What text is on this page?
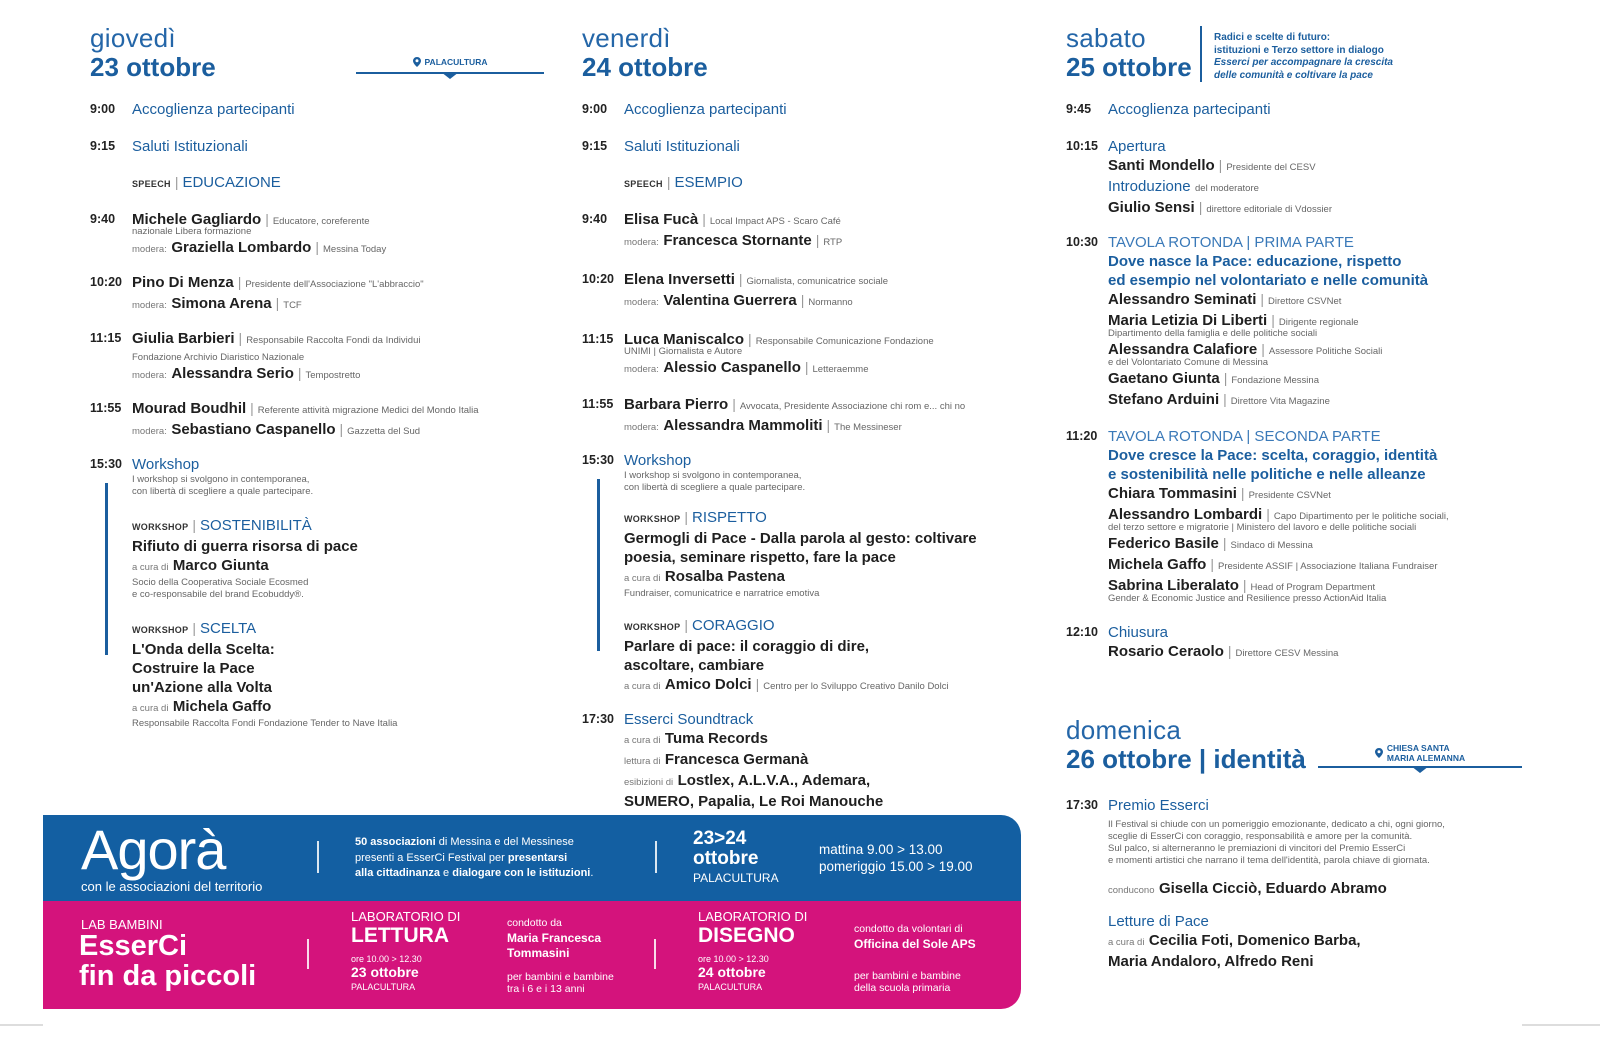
giovedì
23 ottobre	PALACULTURA
9:00 Accoglienza partecipanti
9:15 Saluti Istituzionali
SPEECH | EDUCAZIONE
9:40 Michele Gagliardo | Educatore, coreferente
nazionale Libera formazione
modera: Graziella Lombardo | Messina Today
10:20 Pino Di Menza | Presidente dell'Associazione "L'abbraccio"
modera: Simona Arena | TCF
11:15 Giulia Barbieri | Responsabile Raccolta Fondi da Individui
Fondazione Archivio Diaristico Nazionale
modera: Alessandra Serio | Tempostretto
11:55 Mourad Boudhil | Referente attività migrazione Medici del Mondo Italia
modera: Sebastiano Caspanello | Gazzetta del Sud
15:30 Workshop
I workshop si svolgono in contemporanea,
con libertà di scegliere a quale partecipare.
WORKSHOP | SOSTENIBILITÀ
Rifiuto di guerra risorsa di pace
a cura di Marco Giunta
Socio della Cooperativa Sociale Ecosmed
e co-responsabile del brand Ecobuddy®.
WORKSHOP | SCELTA
L'Onda della Scelta:
Costruire la Pace
un'Azione alla Volta
a cura di Michela Gaffo
Responsabile Raccolta Fondi Fondazione Tender to Nave Italia
venerdì
24 ottobre
9:00 Accoglienza partecipanti
9:15 Saluti Istituzionali
SPEECH | ESEMPIO
9:40 Elisa Fucà | Local Impact APS - Scaro Café
modera: Francesca Stornante | RTP
10:20 Elena Inversetti | Giornalista, comunicatrice sociale
modera: Valentina Guerrera | Normanno
11:15 Luca Maniscalco | Responsabile Comunicazione Fondazione
UNIMI | Giornalista e Autore
modera: Alessio Caspanello | Letteraemme
11:55 Barbara Pierro | Avvocata, Presidente Associazione chi rom e... chi no
modera: Alessandra Mammoliti | The Messineser
15:30 Workshop
I workshop si svolgono in contemporanea,
con libertà di scegliere a quale partecipare.
WORKSHOP | RISPETTO
Germogli di Pace - Dalla parola al gesto: coltivare
poesia, seminare rispetto, fare la pace
a cura di Rosalba Pastena
Fundraiser, comunicatrice e narratrice emotiva
WORKSHOP | CORAGGIO
Parlare di pace: il coraggio di dire,
ascoltare, cambiare
a cura di Amico Dolci | Centro per lo Sviluppo Creativo Danilo Dolci
17:30 Esserci Soundtrack
a cura di Tuma Records
lettura di Francesca Germanà
esibizioni di Lostlex, A.L.V.A., Ademara,
SUMERO, Papalia, Le Roi Manouche
sabato
25 ottobre
Radici e scelte di futuro:
istituzioni e Terzo settore in dialogo
Esserci per accompagnare la crescita
delle comunità e coltivare la pace
9:45 Accoglienza partecipanti
10:15 Apertura
Santi Mondello | Presidente del CESV
Introduzione del moderatore
Giulio Sensi | direttore editoriale di Vdossier
10:30 TAVOLA ROTONDA | PRIMA PARTE
Dove nasce la Pace: educazione, rispetto
ed esempio nel volontariato e nelle comunità
Alessandro Seminati | Direttore CSVNet
Maria Letizia Di Liberti | Dirigente regionale
Dipartimento della famiglia e delle politiche sociali
Alessandra Calafiore | Assessore Politiche Sociali
e del Volontariato Comune di Messina
Gaetano Giunta | Fondazione Messina
Stefano Arduini | Direttore Vita Magazine
11:20 TAVOLA ROTONDA | SECONDA PARTE
Dove cresce la Pace: scelta, coraggio, identità
e sostenibilità nelle politiche e nelle alleanze
Chiara Tommasini | Presidente CSVNet
Alessandro Lombardi | Capo Dipartimento per le politiche sociali,
del terzo settore e migratorie | Ministero del lavoro e delle politiche sociali
Federico Basile | Sindaco di Messina
Michela Gaffo | Presidente ASSIF | Associazione Italiana Fundraiser
Sabrina Liberalato | Head of Program Department
Gender & Economic Justice and Resilience presso ActionAid Italia
12:10 Chiusura
Rosario Ceraolo | Direttore CESV Messina
domenica
26 ottobre | identità	CHIESA SANTA
MARIA ALEMANNA
17:30 Premio Esserci
Il Festival si chiude con un pomeriggio emozionante, dedicato a chi, ogni giorno,
sceglie di EsserCi con coraggio, responsabilità e amore per la comunità.
Sul palco, si alterneranno le premiazioni di vincitori del Premio EsserCi
e momenti artistici che narrano il tema dell'identità, parola chiave di giornata.
conducono Gisella Cicciò, Eduardo Abramo
Letture di Pace
a cura di Cecilia Foti, Domenico Barba,
Maria Andaloro, Alfredo Reni
Agorà
con le associazioni del territorio
50 associazioni di Messina e del Messinese
presenti a EsserCi Festival per presentarsi
alla cittadinanza e dialogare con le istituzioni.
23>24
ottobre
PALACULTURA
mattina 9.00 > 13.00
pomeriggio 15.00 > 19.00
LAB BAMBINI
EsserCi
fin da piccoli
LABORATORIO DI
LETTURA
ore 10.00 > 12.30
23 ottobre
PALACULTURA
condotto da
Maria Francesca
Tommasini
per bambini e bambine
tra i 6 e i 13 anni
LABORATORIO DI
DISEGNO
ore 10.00 > 12.30
24 ottobre
PALACULTURA
condotto da volontari di
Officina del Sole APS
per bambini e bambine
della scuola primaria
